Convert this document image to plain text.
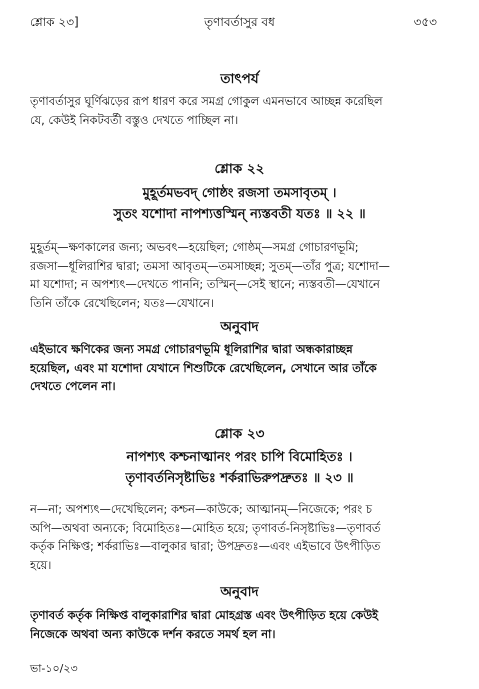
শ্লোক ২৩]	তৃণাবর্তাসুর বধ	৩৫৩
তাৎপর্য
তৃণাবর্তাসুর ঘূর্ণিঝড়ের রূপ ধারণ করে সমগ্র গোকুল এমনভাবে আচ্ছন্ন করেছিল
যে, কেউই নিকটবর্তী বস্তুও দেখতে পাচ্ছিল না।
শ্লোক ২২
মুহূর্তমভবদ্ গোষ্ঠং রজসা তমসাবৃতম্ ।
সুতং যশোদা নাপশ্যত্তস্মিন্ ন্যস্তবতী যতঃ ॥ ২২ ॥
মুহূর্তম্—ক্ষণকালের জন্য; অভবৎ—হয়েছিল; গোষ্ঠম্—সমগ্র গোচারণভূমি;
রজসা—ধূলিরাশির দ্বারা; তমসা আবৃতম্—তমসাচ্ছন্ন; সুতম্—তাঁর পুত্র; যশোদা—
মা যশোদা; ন অপশ্যৎ—দেখতে পাননি; তস্মিন্—সেই স্থানে; ন্যস্তবতী—যেখানে
তিনি তাঁকে রেখেছিলেন; যতঃ—যেখানে।
অনুবাদ
এইভাবে ক্ষণিকের জন্য সমগ্র গোচারণভূমি ধূলিরাশির দ্বারা অন্ধকারাচ্ছন্ন
হয়েছিল, এবং মা যশোদা যেখানে শিশুটিকে রেখেছিলেন, সেখানে আর তাঁকে
দেখতে পেলেন না।
শ্লোক ২৩
নাপশ্যৎ কশ্চনাত্মানং পরং চাপি বিমোহিতঃ ।
তৃণাবর্তনিসৃষ্টাভিঃ শর্করাভিরুপদ্রুতঃ ॥ ২৩ ॥
ন—না; অপশ্যৎ—দেখেছিলেন; কশ্চন—কাউকে; আত্মানম্—নিজেকে; পরং চ
অপি—অথবা অন্যকে; বিমোহিতঃ—মোহিত হয়ে; তৃণাবর্ত-নিসৃষ্টাভিঃ—তৃণাবর্ত
কর্তৃক নিক্ষিপ্ত; শর্করাভিঃ—বালুকার দ্বারা; উপদ্রুতঃ—এবং এইভাবে উৎপীড়িত
হয়ে।
অনুবাদ
তৃণাবর্ত কর্তৃক নিক্ষিপ্ত বালুকারাশির দ্বারা মোহগ্রস্ত এবং উৎপীড়িত হয়ে কেউই
নিজেকে অথবা অন্য কাউকে দর্শন করতে সমর্থ হল না।
ভা-১০/২৩
